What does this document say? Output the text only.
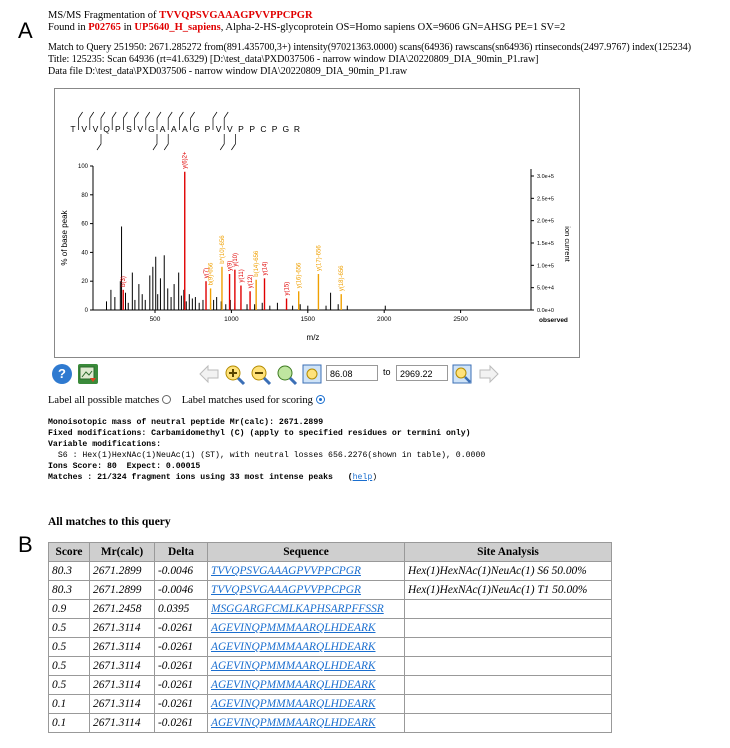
A
B
MS/MS Fragmentation of TVVQPSVGAAAGPVVPPCPGR
Found in P02765 in UP5640_H_sapiens, Alpha-2-HS-glycoprotein OS=Homo sapiens OX=9606 GN=AHSG PE=1 SV=2
Match to Query 251950: 2671.285272 from(891.435700,3+) intensity(97021363.0000) scans(64936) rawscans(sn64936) rtinseconds(2497.9767) index(125234)
Title: 125235: Scan 64936 (rt=41.6329) [D:\test_data\PXD037506 - narrow window DIA\20220809_DIA_90min_P1.raw]
Data file D:\test_data\PXD037506 - narrow window DIA\20220809_DIA_90min_P1.raw
100
80
60
40
20
0
3.0e+5
2.5e+5
2.0e+5
1.5e+5
1.0e+5
5.0e+4
0.0e+0
500	1000	1500	2000	2500
m/z
% of base peak	ion current
observed
T V V Q P S V G A A A G P V V P P C P G R
y(6)2+
y(7)
b(9)-656
b*(10)-656
y(9) y(10)
y(11) y(12)
b(14)-656 y(14)
y(15)
y(16)-656
y(17)-656
y(18)-656
b(3)
?	86.08	to	2969.22
Label all possible matches Label matches used for scoring
Monoisotopic mass of neutral peptide Mr(calc): 2671.2899
Fixed modifications: Carbamidomethyl (C) (apply to specified residues or termini only)
Variable modifications:
S6 : Hex(1)HexNAc(1)NeuAc(1) (ST), with neutral losses 656.2276(shown in table), 0.0000
Ions Score: 80  Expect: 0.00015
Matches : 21/324 fragment ions using 33 most intense peaks   (help)
All matches to this query
Score	Mr(calc)	Delta	Sequence	Site Analysis
80.3	2671.2899	-0.0046	TVVQPSVGAAAGPVVPPCPGR	Hex(1)HexNAc(1)NeuAc(1) S6 50.00%
80.3	2671.2899	-0.0046	TVVQPSVGAAAGPVVPPCPGR	Hex(1)HexNAc(1)NeuAc(1) T1 50.00%
0.9	2671.2458	0.0395	MSGGARGFCMLKAPHSARPFFSSR	
0.5	2671.3114	-0.0261	AGEVINQPMMMAARQLHDEARK	
0.5	2671.3114	-0.0261	AGEVINQPMMMAARQLHDEARK	
0.5	2671.3114	-0.0261	AGEVINQPMMMAARQLHDEARK	
0.5	2671.3114	-0.0261	AGEVINQPMMMAARQLHDEARK	
0.1	2671.3114	-0.0261	AGEVINQPMMMAARQLHDEARK	
0.1	2671.3114	-0.0261	AGEVINQPMMMAARQLHDEARK	
